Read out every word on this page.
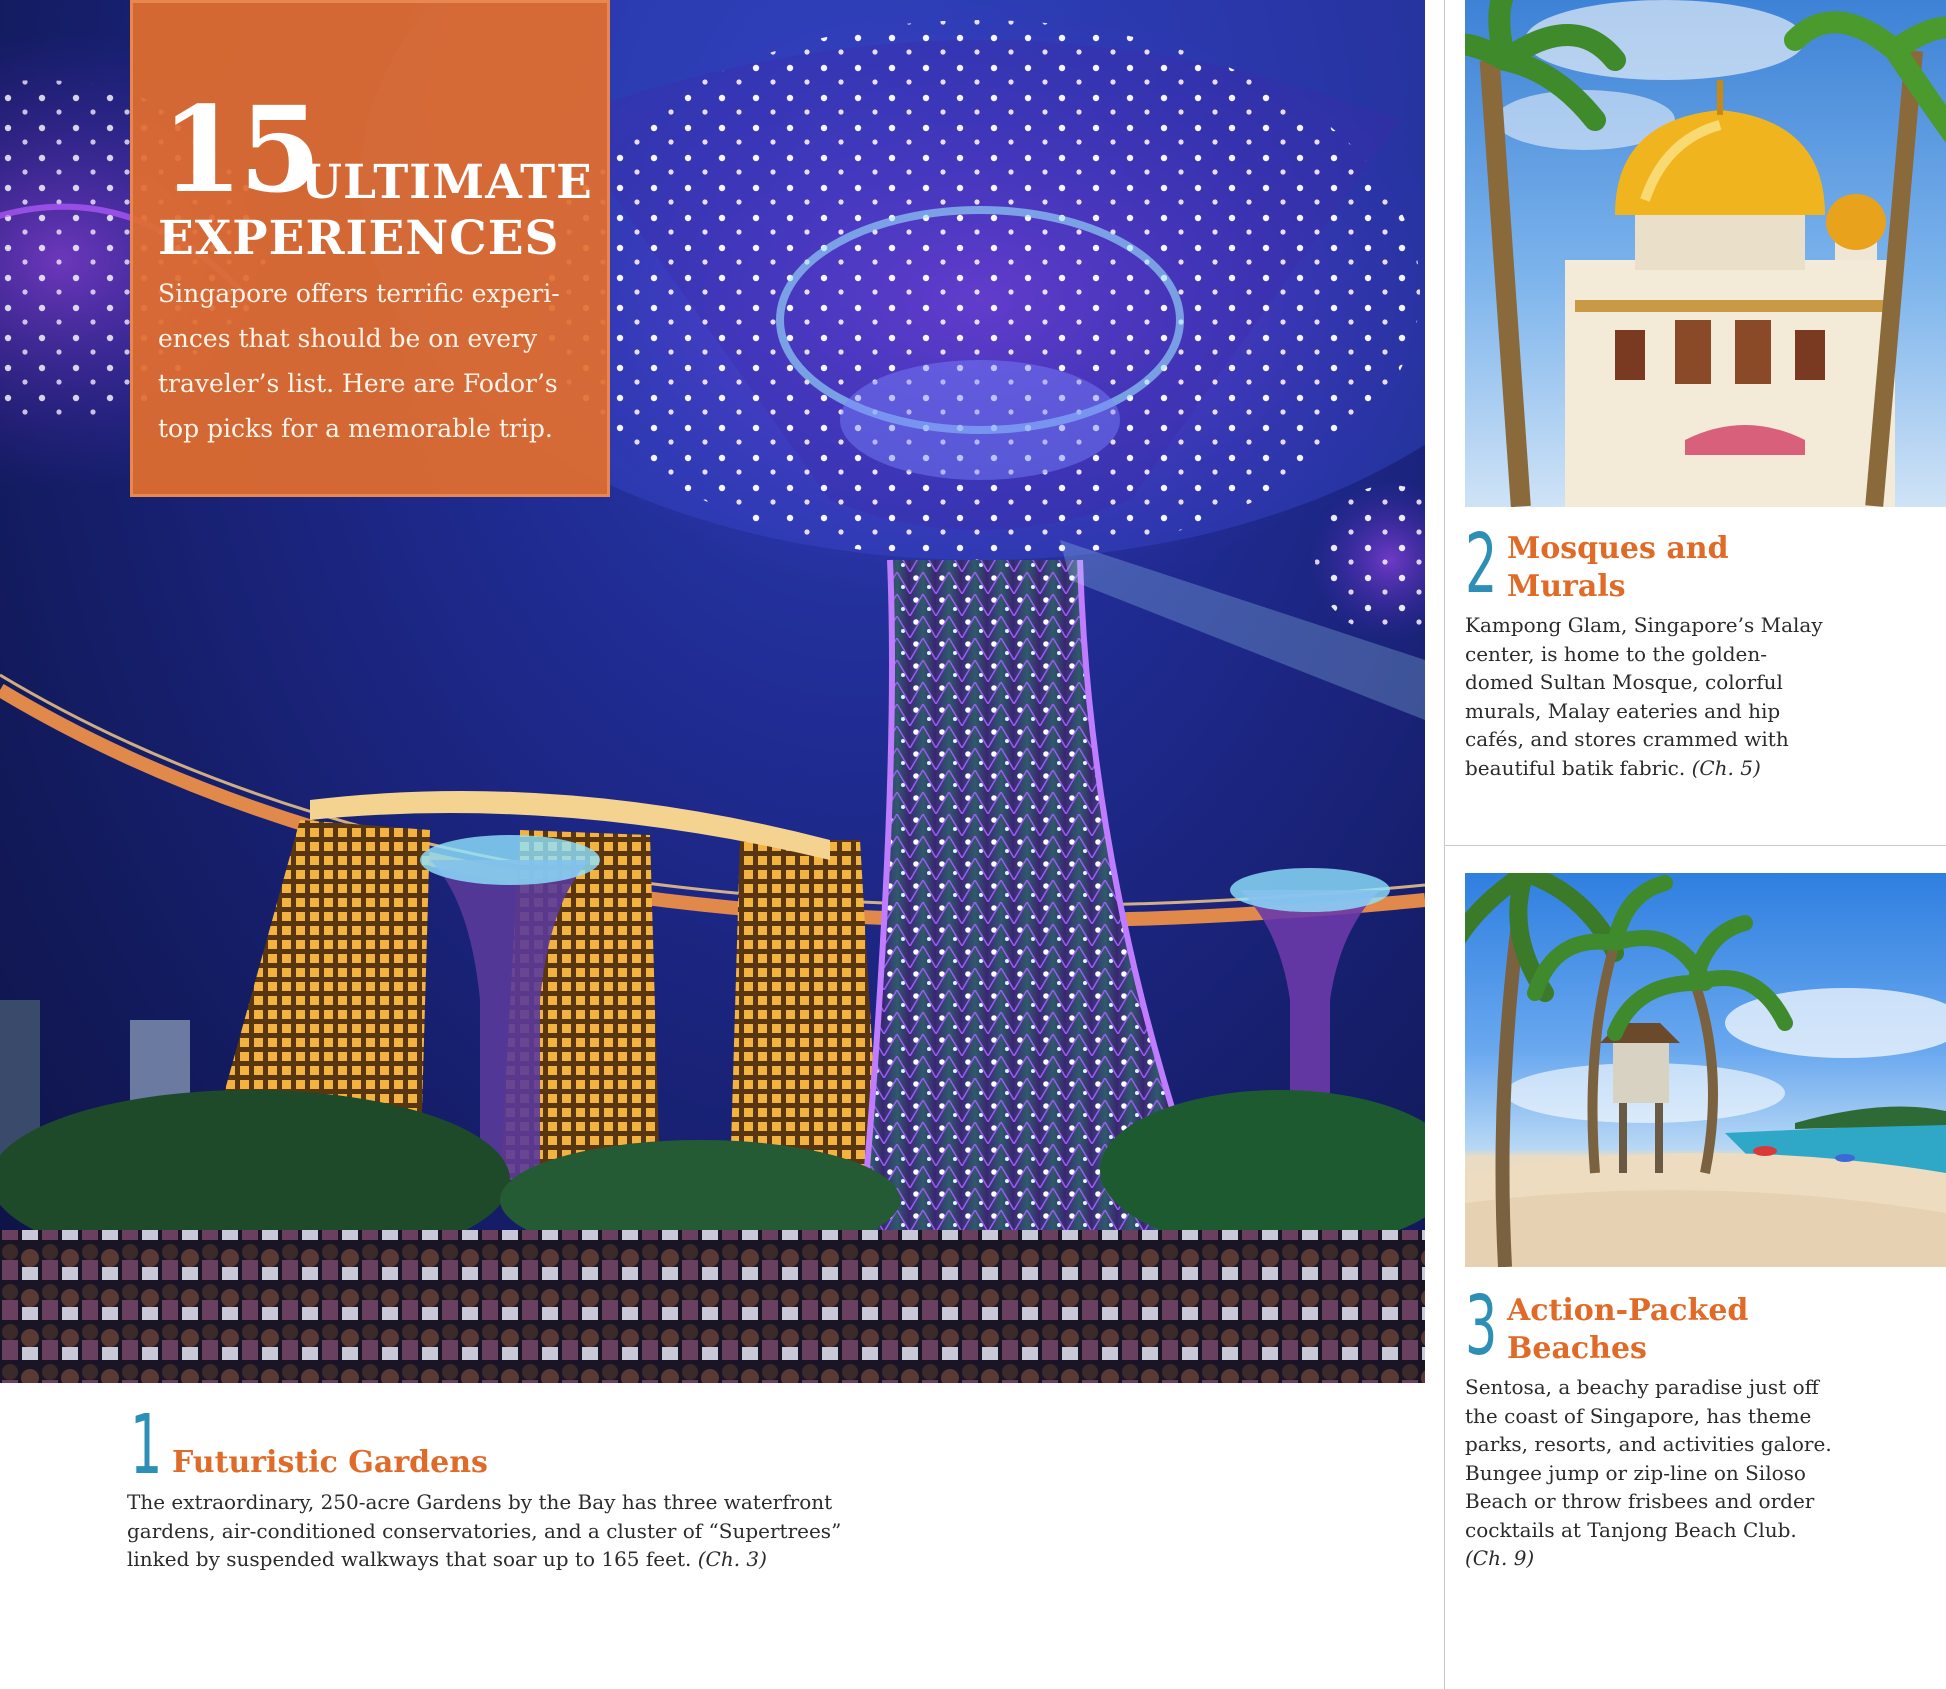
15
ULTIMATE
EXPERIENCES
Singapore offers terrific experi- ences that should be on every traveler’s list. Here are Fodor’s top picks for a memorable trip.
1 Futuristic Gardens
The extraordinary, 250-acre Gardens by the Bay has three waterfront gardens, air-conditioned conservatories, and a cluster of “Supertrees” linked by suspended walkways that soar up to 165 feet. (Ch. 3)
2 Mosques and
Murals
Kampong Glam, Singapore’s Malay center, is home to the golden-domed Sultan Mosque, colorful murals, Malay eateries and hip cafés, and stores crammed with beautiful batik fabric. (Ch. 5)
3 Action-Packed
Beaches
Sentosa, a beachy paradise just off the coast of Singapore, has theme parks, resorts, and activities galore. Bungee jump or zip-line on Siloso Beach or throw frisbees and order cocktails at Tanjong Beach Club. (Ch. 9)
